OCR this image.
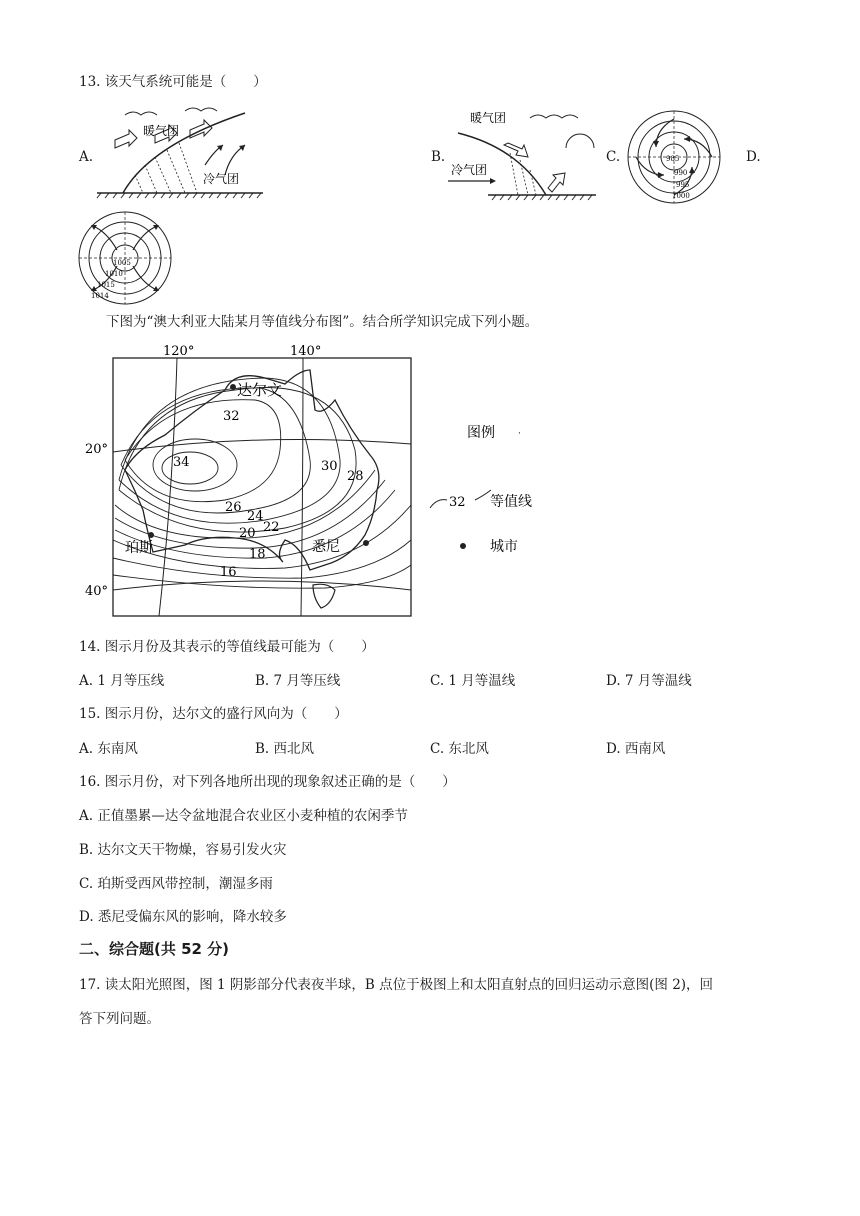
13. 该天气系统可能是（　　）
A.	B.	C.	D.
暖气团
冷气团
暖气团
冷气团
985
990
995
1000
1005
1010
1015
1014
下图为“澳大利亚大陆某月等值线分布图”。结合所学知识完成下列小题。
120°	140°
20°
40°
32
34	30
28
26
24
22
20
18
16
达尔文
珀斯	悉尼
图例	·
32 等值线
城市
14. 图示月份及其表示的等值线最可能为（　　）
A. 1 月等压线	B. 7 月等压线	C. 1 月等温线	D. 7 月等温线
15. 图示月份，达尔文的盛行风向为（　　）
A. 东南风	B. 西北风	C. 东北风	D. 西南风
16. 图示月份，对下列各地所出现的现象叙述正确的是（　　）
A. 正值墨累—达令盆地混合农业区小麦种植的农闲季节
B. 达尔文天干物燥，容易引发火灾
C. 珀斯受西风带控制，潮湿多雨
D. 悉尼受偏东风的影响，降水较多
二、综合题(共 52 分)
17. 读太阳光照图，图 1 阴影部分代表夜半球，B 点位于极图上和太阳直射点的回归运动示意图(图 2)，回
答下列问题。
